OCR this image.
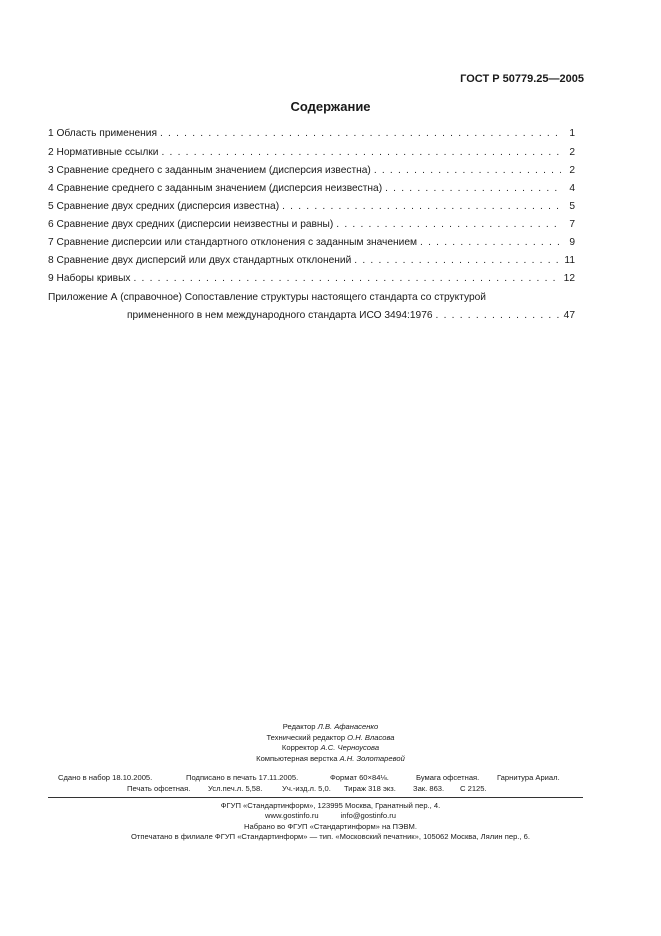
ГОСТ Р 50779.25—2005
Содержание
1 Область применения . . .	1
2 Нормативные ссылки . . .	2
3 Сравнение среднего с заданным значением (дисперсия известна) . . .	2
4 Сравнение среднего с заданным значением (дисперсия неизвестна) . . .	4
5 Сравнение двух средних (дисперсия известна) . . .	5
6 Сравнение двух средних (дисперсии неизвестны и равны) . . .	7
7 Сравнение дисперсии или стандартного отклонения с заданным значением . . .	9
8 Сравнение двух дисперсий или двух стандартных отклонений . . .	11
9 Наборы кривых . . .	12
Приложение А (справочное) Сопоставление структуры настоящего стандарта со структурой
примененного в нем международного стандарта ИСО 3494:1976 . . .	47
Редактор Л.В. Афанасенко
Технический редактор О.Н. Власова
Корректор А.С. Черноусова
Компьютерная верстка А.Н. Золотаревой
Сдано в набор 18.10.2005.	Подписано в печать 17.11.2005.	Формат 60×84⅛.	Бумага офсетная. Гарнитура Ариал.
Печать офсетная. Усл.печ.л. 5,58.	Уч.-изд.л. 5,0. Тираж 318 экз. Зак. 863. С 2125.
ФГУП «Стандартинформ», 123995 Москва, Гранатный пер., 4.
www.gostinfo.ru	info@gostinfo.ru
Набрано во ФГУП «Стандартинформ» на ПЭВМ.
Отпечатано в филиале ФГУП «Стандартинформ» — тип. «Московский печатник», 105062 Москва, Лялин пер., 6.
